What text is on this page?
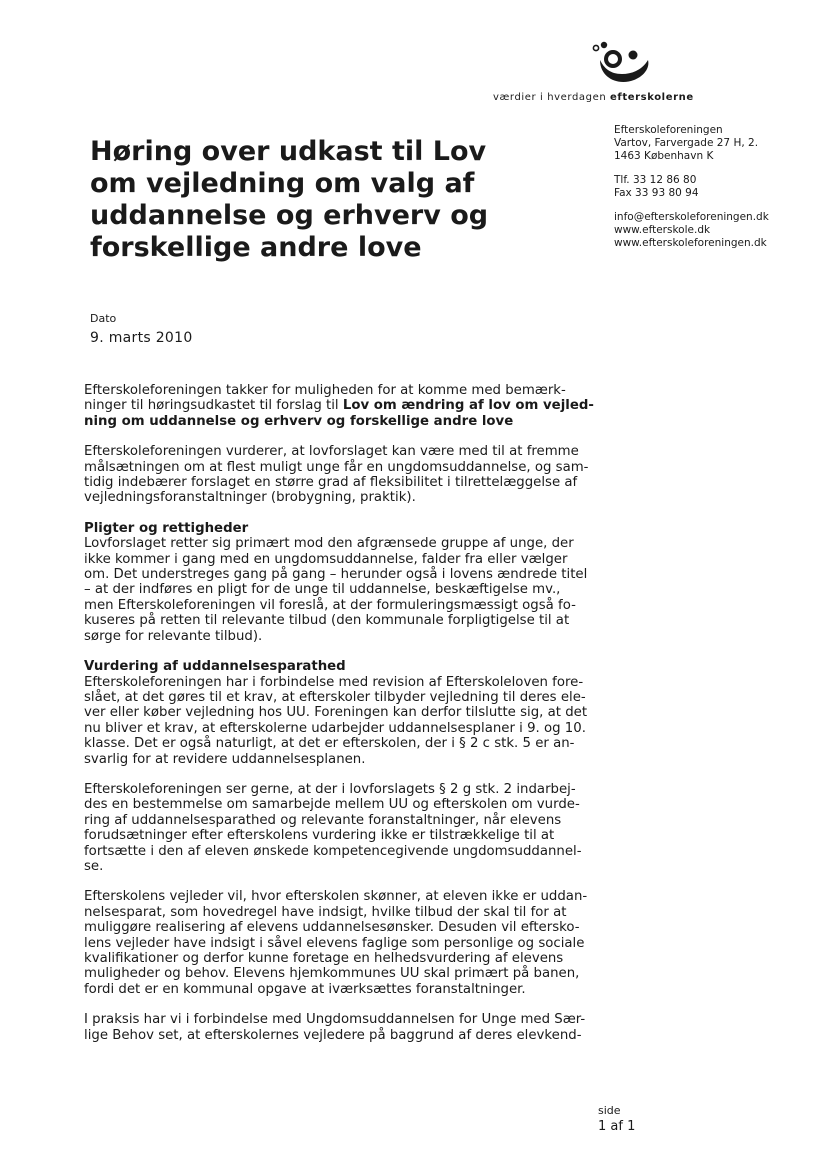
værdier i hverdagen efterskolerne
Høring over udkast til Lov
om vejledning om valg af
uddannelse og erhverv og
forskellige andre love
Efterskoleforeningen
Vartov, Farvergade 27 H, 2.
1463 København K
Tlf. 33 12 86 80
Fax 33 93 80 94
info@efterskoleforeningen.dk
www.efterskole.dk
www.efterskoleforeningen.dk
Dato
9. marts 2010

Efterskoleforeningen takker for muligheden for at komme med bemærk-
ninger til høringsudkastet til forslag til Lov om ændring af lov om vejled-
ning om uddannelse og erhverv og forskellige andre love

Efterskoleforeningen vurderer, at lovforslaget kan være med til at fremme
målsætningen om at flest muligt unge får en ungdomsuddannelse, og sam-
tidig indebærer forslaget en større grad af fleksibilitet i tilrettelæggelse af
vejledningsforanstaltninger (brobygning, praktik).

Pligter og rettigheder
Lovforslaget retter sig primært mod den afgrænsede gruppe af unge, der
ikke kommer i gang med en ungdomsuddannelse, falder fra eller vælger
om. Det understreges gang på gang – herunder også i lovens ændrede titel
– at der indføres en pligt for de unge til uddannelse, beskæftigelse mv.,
men Efterskoleforeningen vil foreslå, at der formuleringsmæssigt også fo-
kuseres på retten til relevante tilbud (den kommunale forpligtigelse til at
sørge for relevante tilbud).

Vurdering af uddannelsesparathed
Efterskoleforeningen har i forbindelse med revision af Efterskoleloven fore-
slået, at det gøres til et krav, at efterskoler tilbyder vejledning til deres ele-
ver eller køber vejledning hos UU. Foreningen kan derfor tilslutte sig, at det
nu bliver et krav, at efterskolerne udarbejder uddannelsesplaner i 9. og 10.
klasse. Det er også naturligt, at det er efterskolen, der i § 2 c stk. 5 er an-
svarlig for at revidere uddannelsesplanen.

Efterskoleforeningen ser gerne, at der i lovforslagets § 2 g stk. 2 indarbej-
des en bestemmelse om samarbejde mellem UU og efterskolen om vurde-
ring af uddannelsesparathed og relevante foranstaltninger, når elevens
forudsætninger efter efterskolens vurdering ikke er tilstrækkelige til at
fortsætte i den af eleven ønskede kompetencegivende ungdomsuddannel-
se.

Efterskolens vejleder vil, hvor efterskolen skønner, at eleven ikke er uddan-
nelsesparat, som hovedregel have indsigt, hvilke tilbud der skal til for at
muliggøre realisering af elevens uddannelsesønsker. Desuden vil eftersko-
lens vejleder have indsigt i såvel elevens faglige som personlige og sociale
kvalifikationer og derfor kunne foretage en helhedsvurdering af elevens
muligheder og behov. Elevens hjemkommunes UU skal primært på banen,
fordi det er en kommunal opgave at iværksættes foranstaltninger.

I praksis har vi i forbindelse med Ungdomsuddannelsen for Unge med Sær-
lige Behov set, at efterskolernes vejledere på baggrund af deres elevkend-

side
1 af 1
